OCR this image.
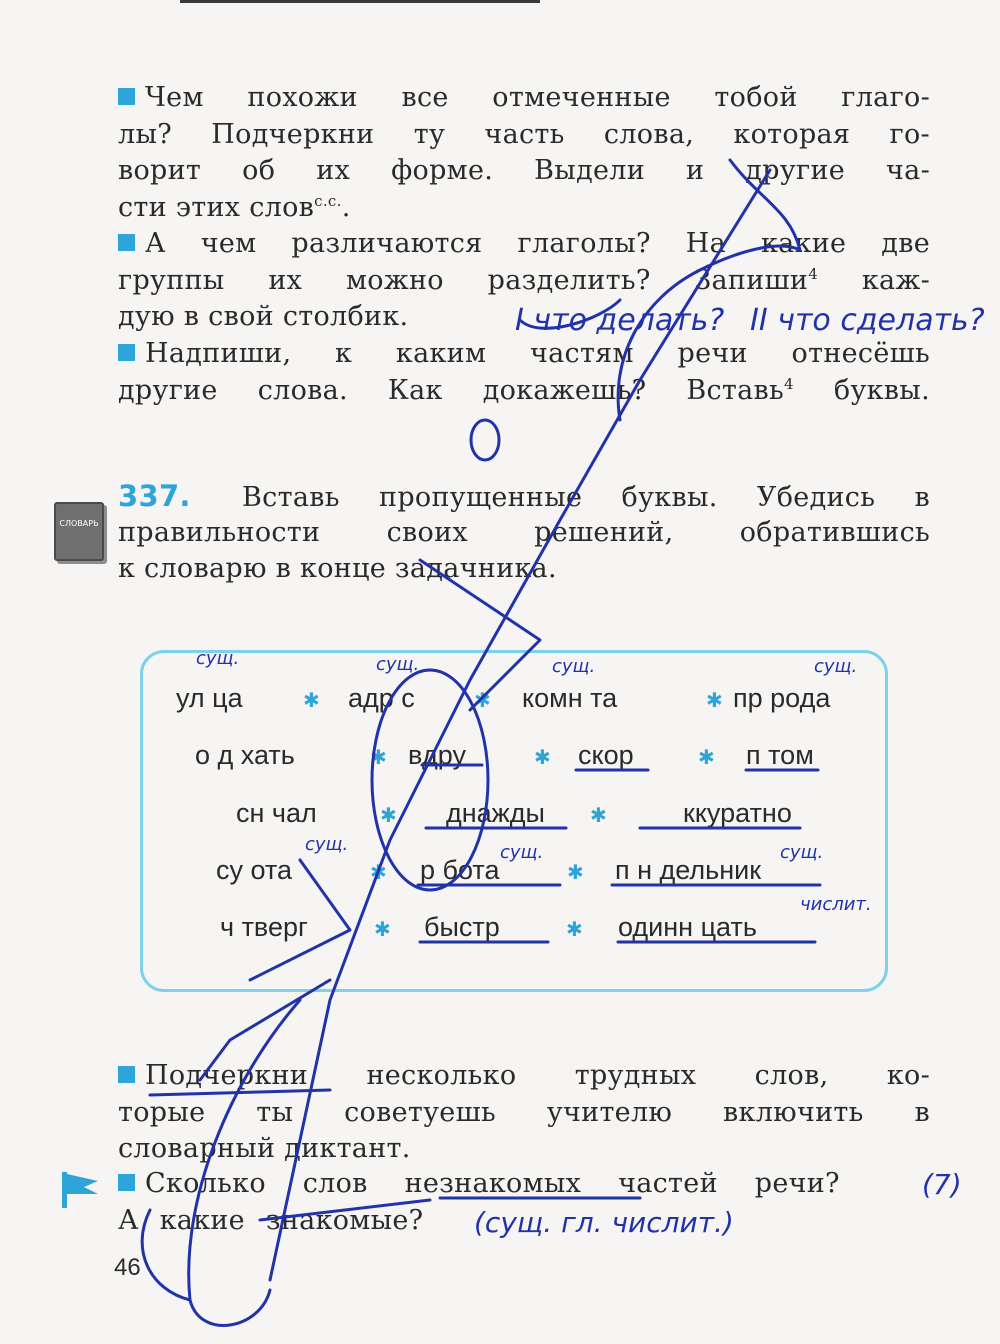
Чем похожи все отмеченные тобой глаго-
лы? Подчеркни ту часть слова, которая го-
ворит об их форме. Выдели и другие ча-
сти этих слов$^{с.с.}$.
А чем различаются глаголы? На какие две
группы их можно разделить? Запиши$^4$ каж-
дую в свой столбик.
Надпиши, к каким частям речи отнесёшь
другие слова. Как докажешь? Вставь$^4$ буквы.
СЛОВАРЬ
337. Вставь пропущенные буквы. Убедись в
правильности своих решений, обратившись
к словарю в конце задачника.
ул ца	✱ адр с	✱ комн та	✱ пр рода
о д хать	✱ вдру	✱ скор	✱ п том
сн чал	✱ днажды ✱	ккуратно
су ота	✱ р бота	✱ п н дельник
ч тверг	✱ быстр	✱ одинн цать
Подчеркни несколько трудных слов, ко-
торые ты советуешь учителю включить в
словарный диктант.
Сколько слов незнакомых частей речи?
А какие знакомые?
46
I что делать? II что сделать?
сущ.	сущ.	сущ.	сущ.
сущ.	сущ.
сущ.
числит.
(7)
(сущ. гл. числит.)
